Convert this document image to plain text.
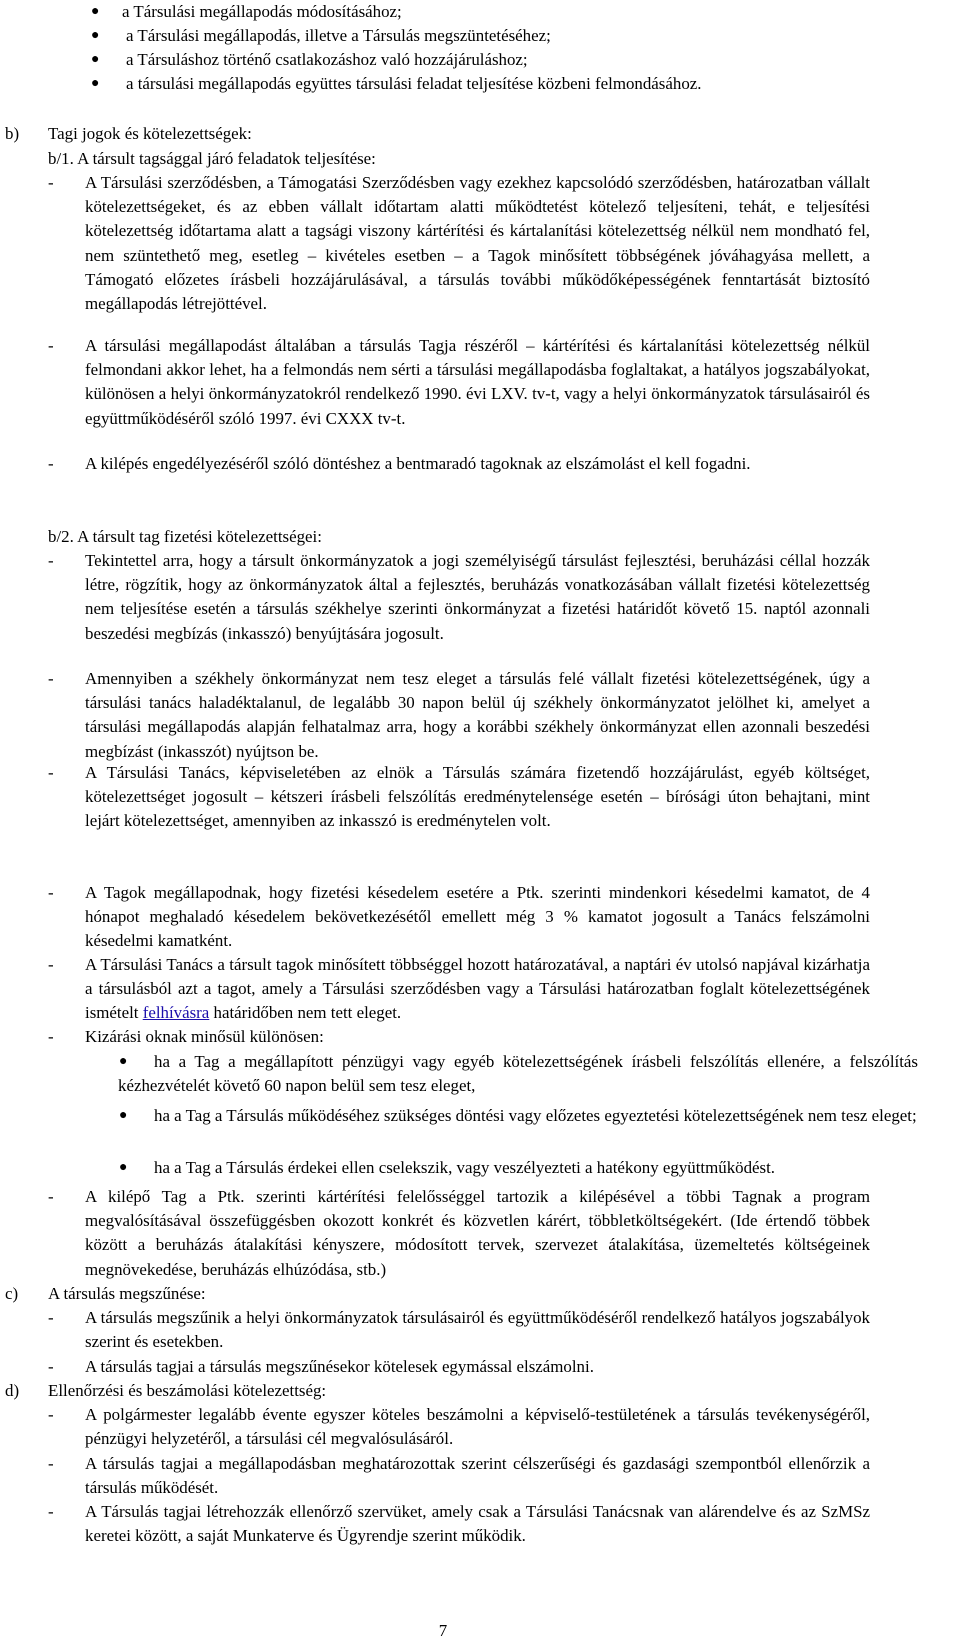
● a Társulási megállapodás módosításához;
● a Társulási megállapodás, illetve a Társulás megszüntetéséhez;
● a Társuláshoz történő csatlakozáshoz való hozzájáruláshoz;
● a társulási megállapodás együttes társulási feladat teljesítése közbeni felmondásához.
b) Tagi jogok és kötelezettségek:
b/1. A társult tagsággal járó feladatok teljesítése:
- A Társulási szerződésben, a Támogatási Szerződésben vagy ezekhez kapcsolódó szerződésben, határozatban vállalt kötelezettségeket, és az ebben vállalt időtartam alatti működtetést kötelező teljesíteni, tehát, e teljesítési kötelezettség időtartama alatt a tagsági viszony kártérítési és kártalanítási kötelezettség nélkül nem mondható fel, nem szüntethető meg, esetleg – kivételes esetben – a Tagok minősített többségének jóváhagyása mellett, a Támogató előzetes írásbeli hozzájárulásával, a társulás további működőképességének fenntartását biztosító megállapodás létrejöttével.
- A társulási megállapodást általában a társulás Tagja részéről – kártérítési és kártalanítási kötelezettség nélkül felmondani akkor lehet, ha a felmondás nem sérti a társulási megállapodásba foglaltakat, a hatályos jogszabályokat, különösen a helyi önkormányzatokról rendelkező 1990. évi LXV. tv-t, vagy a helyi önkormányzatok társulásairól és együttműködéséről szóló 1997. évi CXXX tv-t.
- A kilépés engedélyezéséről szóló döntéshez a bentmaradó tagoknak az elszámolást el kell fogadni.
b/2. A társult tag fizetési kötelezettségei:
- Tekintettel arra, hogy a társult önkormányzatok a jogi személyiségű társulást fejlesztési, beruházási céllal hozzák létre, rögzítik, hogy az önkormányzatok által a fejlesztés, beruházás vonatkozásában vállalt fizetési kötelezettség nem teljesítése esetén a társulás székhelye szerinti önkormányzat a fizetési határidőt követő 15. naptól azonnali beszedési megbízás (inkasszó) benyújtására jogosult.
- Amennyiben a székhely önkormányzat nem tesz eleget a társulás felé vállalt fizetési kötelezettségének, úgy a társulási tanács haladéktalanul, de legalább 30 napon belül új székhely önkormányzatot jelölhet ki, amelyet a társulási megállapodás alapján felhatalmaz arra, hogy a korábbi székhely önkormányzat ellen azonnali beszedési megbízást (inkasszót) nyújtson be.
- A Társulási Tanács, képviseletében az elnök a Társulás számára fizetendő hozzájárulást, egyéb költséget, kötelezettséget jogosult – kétszeri írásbeli felszólítás eredménytelensége esetén – bírósági úton behajtani, mint lejárt kötelezettséget, amennyiben az inkasszó is eredménytelen volt.
- A Tagok megállapodnak, hogy fizetési késedelem esetére a Ptk. szerinti mindenkori késedelmi kamatot, de 4 hónapot meghaladó késedelem bekövetkezésétől emellett még 3 % kamatot jogosult a Tanács felszámolni késedelmi kamatként.
- A Társulási Tanács a társult tagok minősített többséggel hozott határozatával, a naptári év utolsó napjával kizárhatja a társulásból azt a tagot, amely a Társulási szerződésben vagy a Társulási határozatban foglalt kötelezettségének ismételt felhívásra határidőben nem tett eleget.
- Kizárási oknak minősül különösen:
●	ha a Tag a megállapított pénzügyi vagy egyéb kötelezettségének írásbeli felszólítás ellenére, a felszólítás kézhezvételét követő 60 napon belül sem tesz eleget,
●	ha a Tag a Társulás működéséhez szükséges döntési vagy előzetes egyeztetési kötelezettségének nem tesz eleget;
● ha a Tag a Társulás érdekei ellen cselekszik, vagy veszélyezteti a hatékony együttműködést.
- A kilépő Tag a Ptk. szerinti kártérítési felelősséggel tartozik a kilépésével a többi Tagnak a program megvalósításával összefüggésben okozott konkrét és közvetlen kárért, többletköltségekért. (Ide értendő többek között a beruházás átalakítási kényszere, módosított tervek, szervezet átalakítása, üzemeltetés költségeinek megnövekedése, beruházás elhúzódása, stb.)
c) A társulás megszűnése:
- A társulás megszűnik a helyi önkormányzatok társulásairól és együttműködéséről rendelkező hatályos jogszabályok szerint és esetekben.
- A társulás tagjai a társulás megszűnésekor kötelesek egymással elszámolni.
d) Ellenőrzési és beszámolási kötelezettség:
- A polgármester legalább évente egyszer köteles beszámolni a képviselő-testületének a társulás tevékenységéről, pénzügyi helyzetéről, a társulási cél megvalósulásáról.
- A társulás tagjai a megállapodásban meghatározottak szerint célszerűségi és gazdasági szempontból ellenőrzik a társulás működését.
- A Társulás tagjai létrehozzák ellenőrző szervüket, amely csak a Társulási Tanácsnak van alárendelve és az SzMSz keretei között, a saját Munkaterve és Ügyrendje szerint működik.
7
